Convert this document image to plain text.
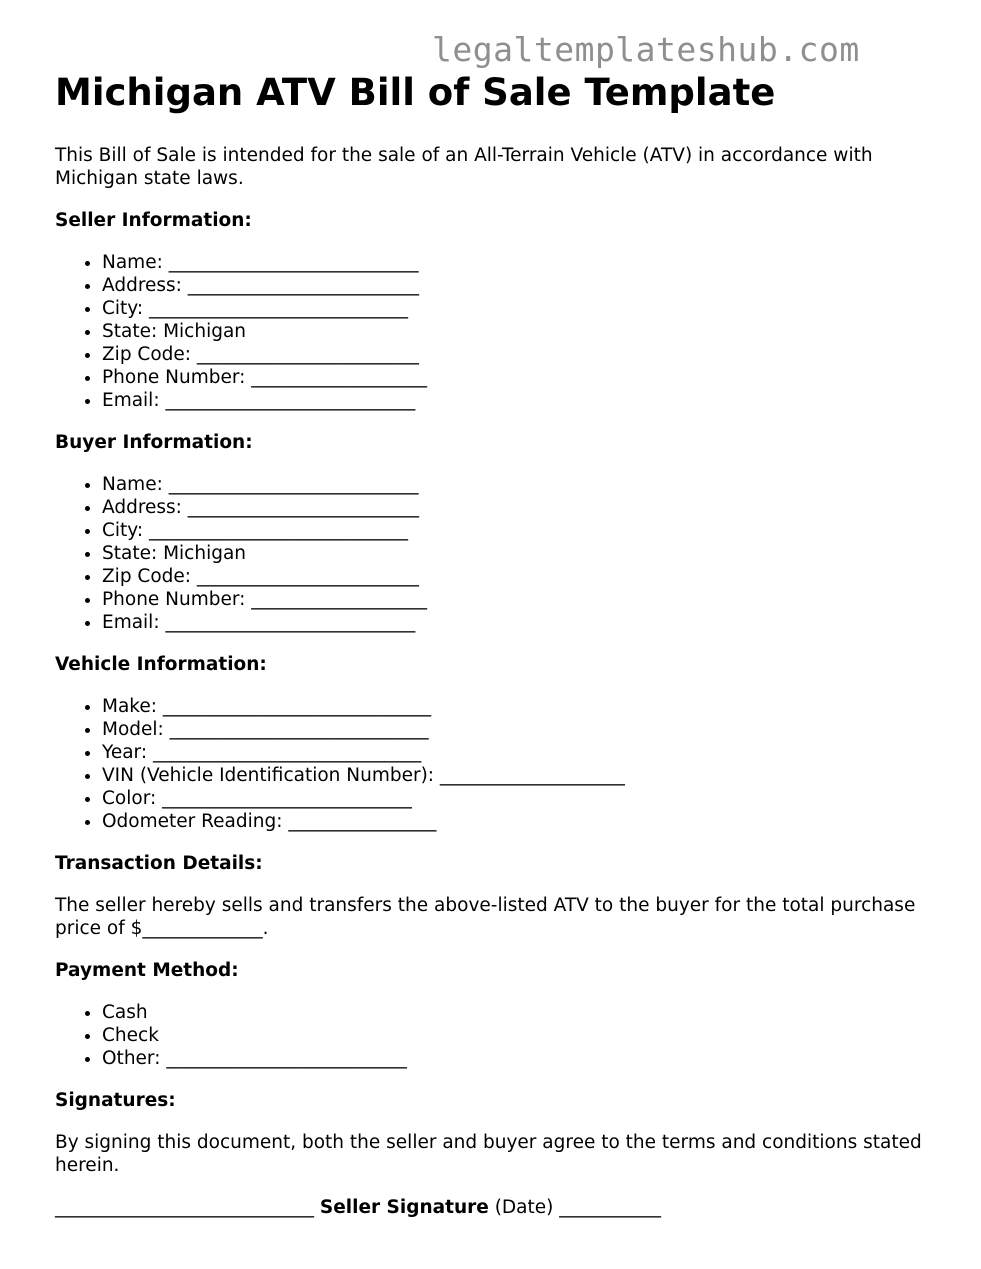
legaltemplateshub.com
Michigan ATV Bill of Sale Template

This Bill of Sale is intended for the sale of an All-Terrain Vehicle (ATV) in accordance with Michigan state laws.

Seller Information:
• Name: ___________________________
• Address: _________________________
• City: ____________________________
• State: Michigan
• Zip Code: ________________________
• Phone Number: ___________________
• Email: ___________________________
Buyer Information:
• Name: ___________________________
• Address: _________________________
• City: ____________________________
• State: Michigan
• Zip Code: ________________________
• Phone Number: ___________________
• Email: ___________________________
Vehicle Information:
• Make: _____________________________
• Model: ____________________________
• Year: _____________________________
• VIN (Vehicle Identification Number): ____________________
• Color: ___________________________
• Odometer Reading: ________________
Transaction Details:

The seller hereby sells and transfers the above-listed ATV to the buyer for the total purchase price of $_____________.

Payment Method:
• Cash
• Check
• Other: __________________________
Signatures:

By signing this document, both the seller and buyer agree to the terms and conditions stated herein.

____________________________ Seller Signature (Date) ___________
